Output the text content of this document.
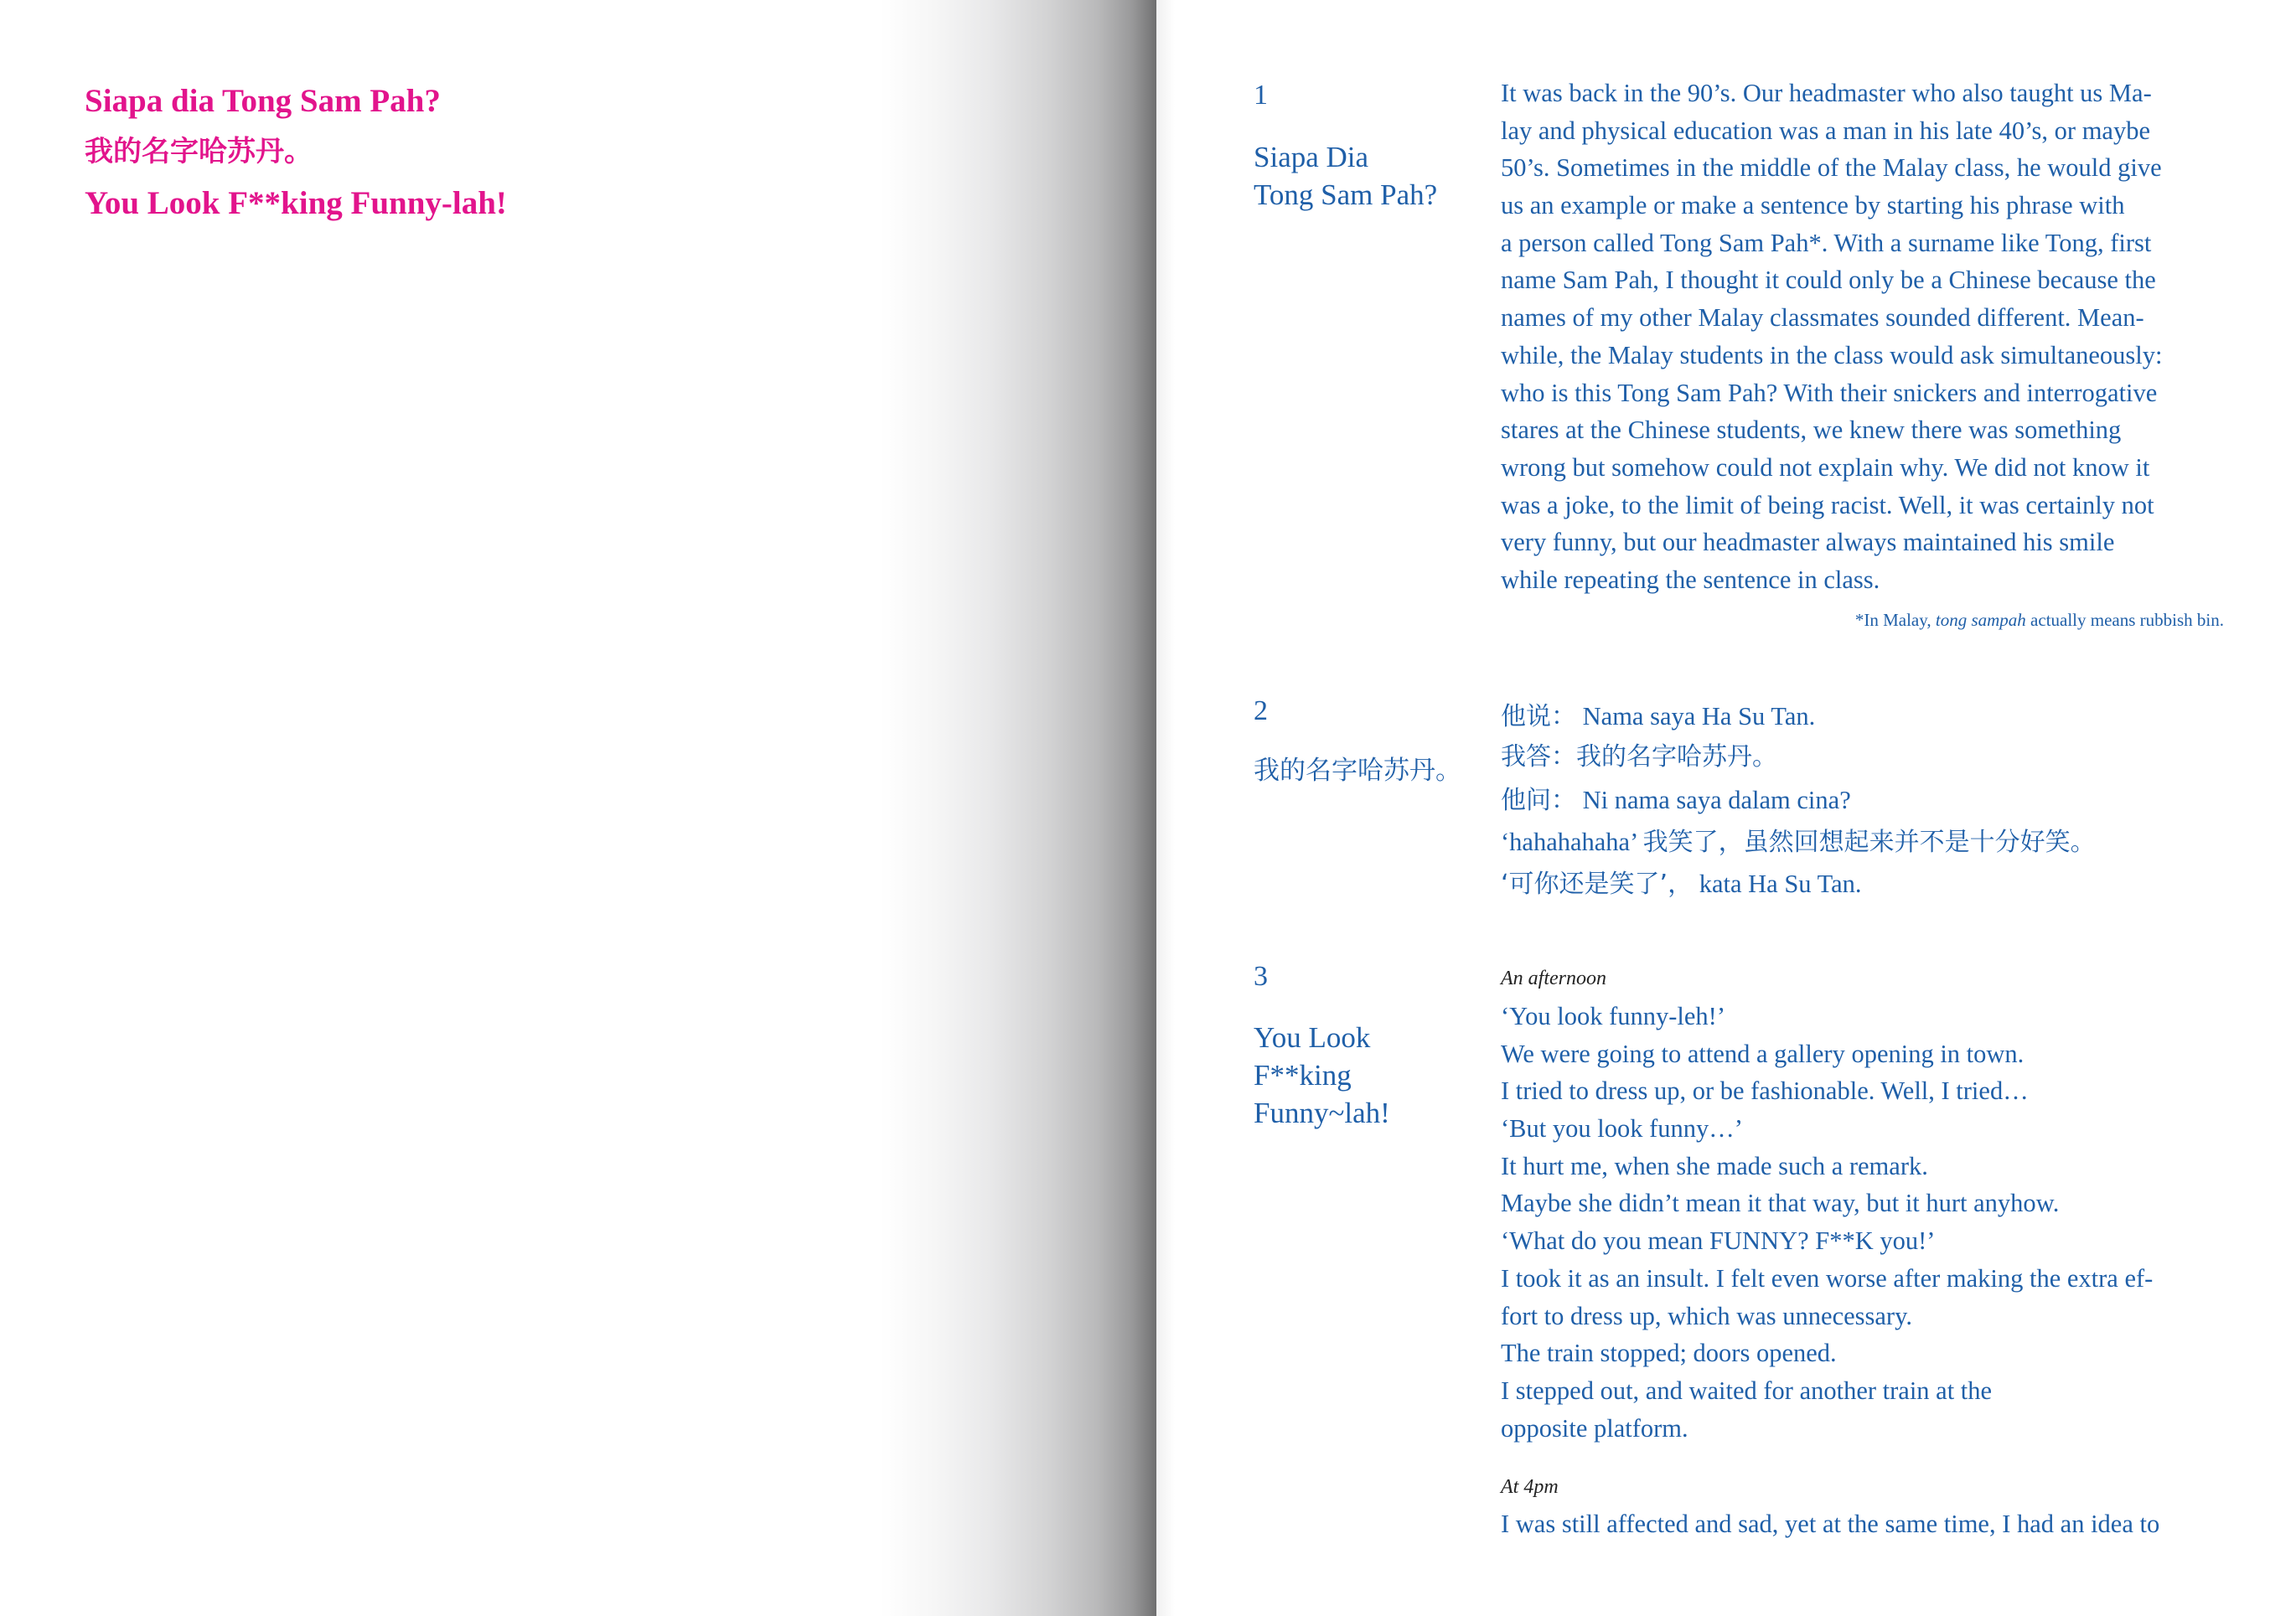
Siapa dia Tong Sam Pah?
我的名字哈苏丹。
You Look F**king Funny-lah!
1
Siapa Dia
Tong Sam Pah?
It was back in the 90’s. Our headmaster who also taught us Ma-
lay and physical education was a man in his late 40’s, or maybe
50’s. Sometimes in the middle of the Malay class, he would give
us an example or make a sentence by starting his phrase with
a person called Tong Sam Pah*. With a surname like Tong, first
name Sam Pah, I thought it could only be a Chinese because the
names of my other Malay classmates sounded different. Mean-
while, the Malay students in the class would ask simultaneously:
who is this Tong Sam Pah? With their snickers and interrogative
stares at the Chinese students, we knew there was something
wrong but somehow could not explain why. We did not know it
was a joke, to the limit of being racist. Well, it was certainly not
very funny, but our headmaster always maintained his smile
while repeating the sentence in class.
*In Malay, tong sampah actually means rubbish bin.
2
我的名字哈苏丹。
他说： Nama saya Ha Su Tan.
我答：我的名字哈苏丹。
他问： Ni nama saya dalam cina?
‘hahahahaha’ 我笑了，虽然回想起来并不是十分好笑。
‘可你还是笑了’， kata Ha Su Tan.
3
You Look
F**king
Funny~lah!
An afternoon
‘You look funny-leh!’
We were going to attend a gallery opening in town.
I tried to dress up, or be fashionable. Well, I tried…
‘But you look funny…’
It hurt me, when she made such a remark.
Maybe she didn’t mean it that way, but it hurt anyhow.
‘What do you mean FUNNY? F**K you!’
I took it as an insult. I felt even worse after making the extra ef-
fort to dress up, which was unnecessary.
The train stopped; doors opened.
I stepped out, and waited for another train at the
opposite platform.
At 4pm
I was still affected and sad, yet at the same time, I had an idea to
